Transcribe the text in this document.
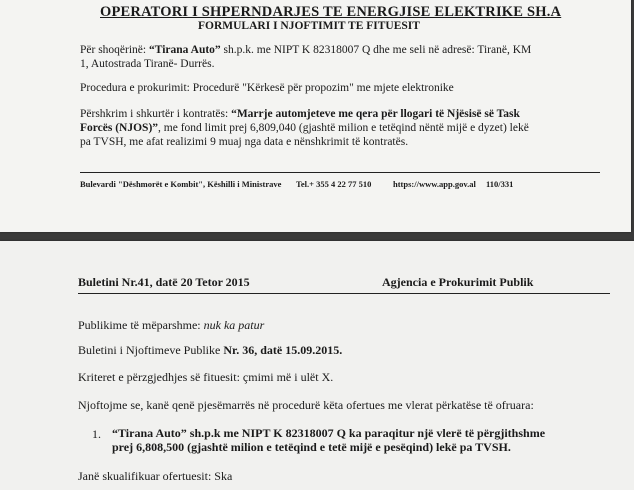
OPERATORI I SHPERNDARJES TE ENERGJISE ELEKTRIKE SH.A
FORMULARI I NJOFTIMIT TE FITUESIT
Për shoqërinë: “Tirana Auto” sh.p.k. me NIPT K 82318007 Q dhe me seli në adresë: Tiranë, KM
1, Autostrada Tiranë- Durrës.
Procedura e prokurimit: Procedurë "Kërkesë për propozim" me mjete elektronike
Përshkrim i shkurtër i kontratës: “Marrje automjeteve me qera për llogari të Njësisë së Task
Forcës (NJOS)”, me fond limit prej 6,809,040 (gjashtë milion e tetëqind nëntë mijë e dyzet) lekë
pa TVSH, me afat realizimi 9 muaj nga data e nënshkrimit të kontratës.
Bulevardi "Dëshmorët e Kombit", Këshilli i Ministrave Tel.+ 355 4 22 77 510	https://www.app.gov.al 110/331
Buletini Nr.41, datë 20 Tetor 2015	Agjencia e Prokurimit Publik
Publikime të mëparshme: nuk ka patur
Buletini i Njoftimeve Publike Nr. 36, datë 15.09.2015.
Kriteret e përzgjedhjes së fituesit: çmimi më i ulët X.
Njoftojme se, kanë qenë pjesëmarrës në procedurë këta ofertues me vlerat përkatëse të ofruara:
1. “Tirana Auto” sh.p.k me NIPT K 82318007 Q ka paraqitur një vlerë të përgjithshme
prej 6,808,500 (gjashtë milion e tetëqind e tetë mijë e pesëqind) lekë pa TVSH.
Janë skualifikuar ofertuesit: Ska
